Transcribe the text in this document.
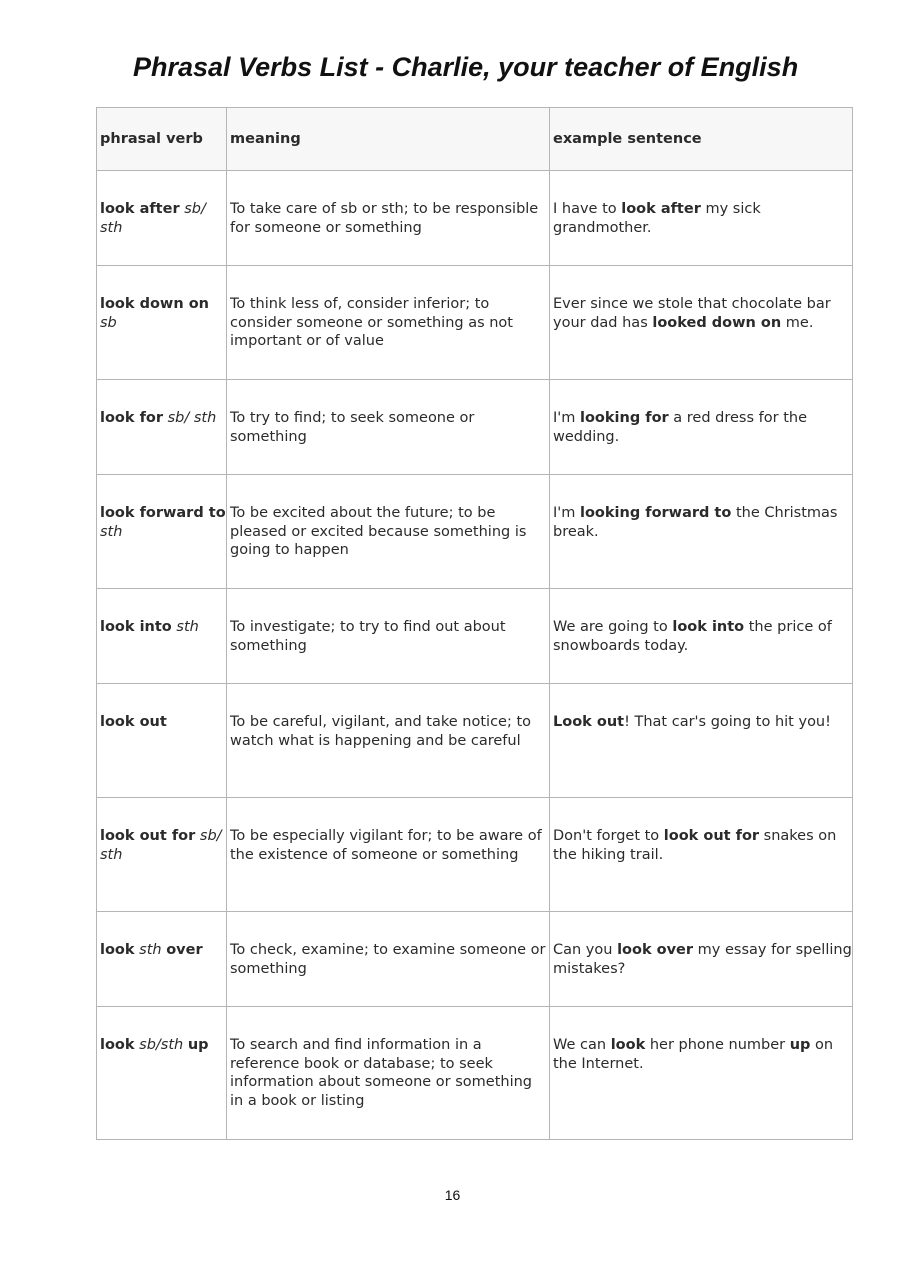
Phrasal Verbs List - Charlie, your teacher of English
phrasal verb	meaning	example sentence

look after sb/ sth	To take care of sb or sth; to be responsible for someone or something	I have to look after my sick grandmother.

look down on sb	To think less of, consider inferior; to consider someone or something as not important or of value	Ever since we stole that chocolate bar your dad has looked down on me.

look for sb/ sth	To try to find; to seek someone or something	I'm looking for a red dress for the wedding.

look forward to sth	To be excited about the future; to be pleased or excited because something is going to happen	I'm looking forward to the Christmas break.

look into sth	To investigate; to try to find out about something	We are going to look into the price of snowboards today.

look out	To be careful, vigilant, and take notice; to watch what is happening and be careful	Look out! That car's going to hit you!

look out for sb/ sth	To be especially vigilant for; to be aware of the existence of someone or something	Don't forget to look out for snakes on the hiking trail.

look sth over	To check, examine; to examine someone or something	Can you look over my essay for spelling mistakes?

look sb/sth up	To search and find information in a reference book or database; to seek information about someone or something in a book or listing	We can look her phone number up on the Internet.
16
